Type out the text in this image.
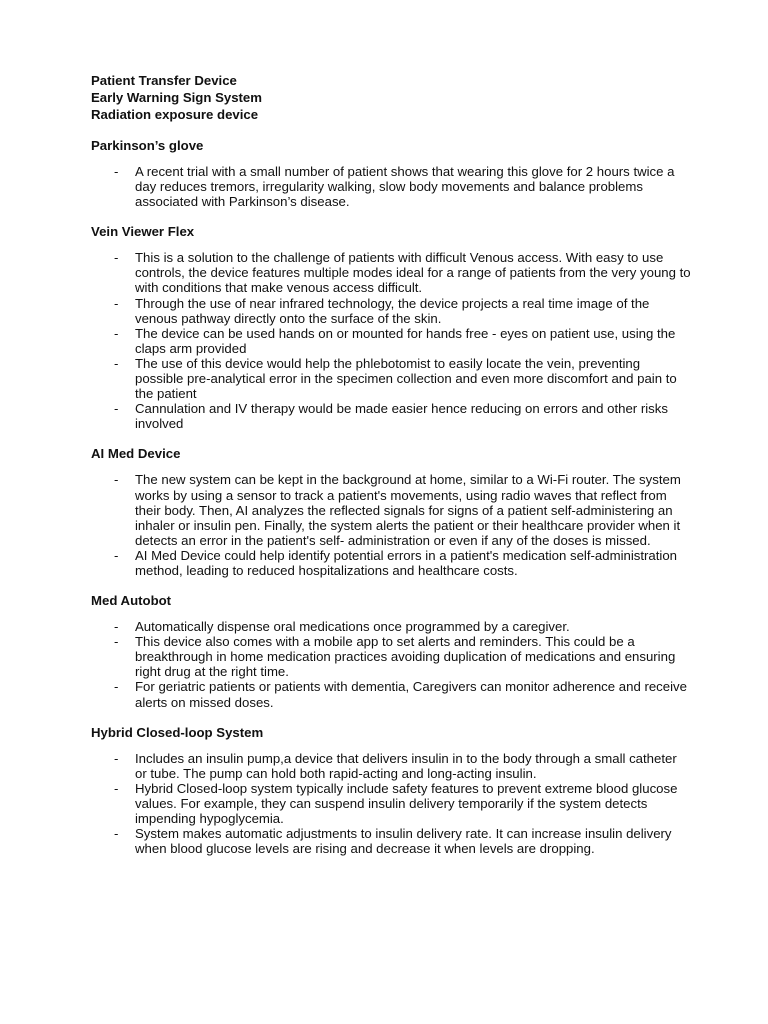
Patient Transfer Device

Early Warning Sign System

Radiation exposure device

Parkinson’s glove

- A recent trial with a small number of patient shows that wearing this glove for 2 hours twice a day reduces tremors, irregularity walking, slow body movements and balance problems associated with Parkinson’s disease.

Vein Viewer Flex

- This is a solution to the challenge of patients with difficult Venous access. With easy to use controls, the device features multiple modes ideal for a range of patients from the very young to with conditions that make venous access difficult.
- Through the use of near infrared technology, the device projects a real time image of the venous pathway directly onto the surface of the skin.
- The device can be used hands on or mounted for hands free - eyes on patient use, using the claps arm provided
- The use of this device would help the phlebotomist to easily locate the vein, preventing possible pre-analytical error in the specimen collection and even more discomfort and pain to the patient
- Cannulation and IV therapy would be made easier hence reducing on errors and other risks involved

AI Med Device

- The new system can be kept in the background at home, similar to a Wi-Fi router. The system works by using a sensor to track a patient's movements, using radio waves that reflect from their body. Then, AI analyzes the reflected signals for signs of a patient self-administering an inhaler or insulin pen. Finally, the system alerts the patient or their healthcare provider when it detects an error in the patient's self- administration or even if any of the doses is missed.
- AI Med Device could help identify potential errors in a patient's medication self-administration method, leading to reduced hospitalizations and healthcare costs.

Med Autobot

- Automatically dispense oral medications once programmed by a caregiver.
- This device also comes with a mobile app to set alerts and reminders. This could be a breakthrough in home medication practices avoiding duplication of medications and ensuring right drug at the right time.
- For geriatric patients or patients with dementia, Caregivers can monitor adherence and receive alerts on missed doses.

Hybrid Closed-loop System

- Includes an insulin pump,a device that delivers insulin in to the body through a small catheter or tube. The pump can hold both rapid-acting and long-acting insulin.
- Hybrid Closed-loop system typically include safety features to prevent extreme blood glucose values. For example, they can suspend insulin delivery temporarily if the system detects impending hypoglycemia.
- System makes automatic adjustments to insulin delivery rate. It can increase insulin delivery when blood glucose levels are rising and decrease it when levels are dropping.
